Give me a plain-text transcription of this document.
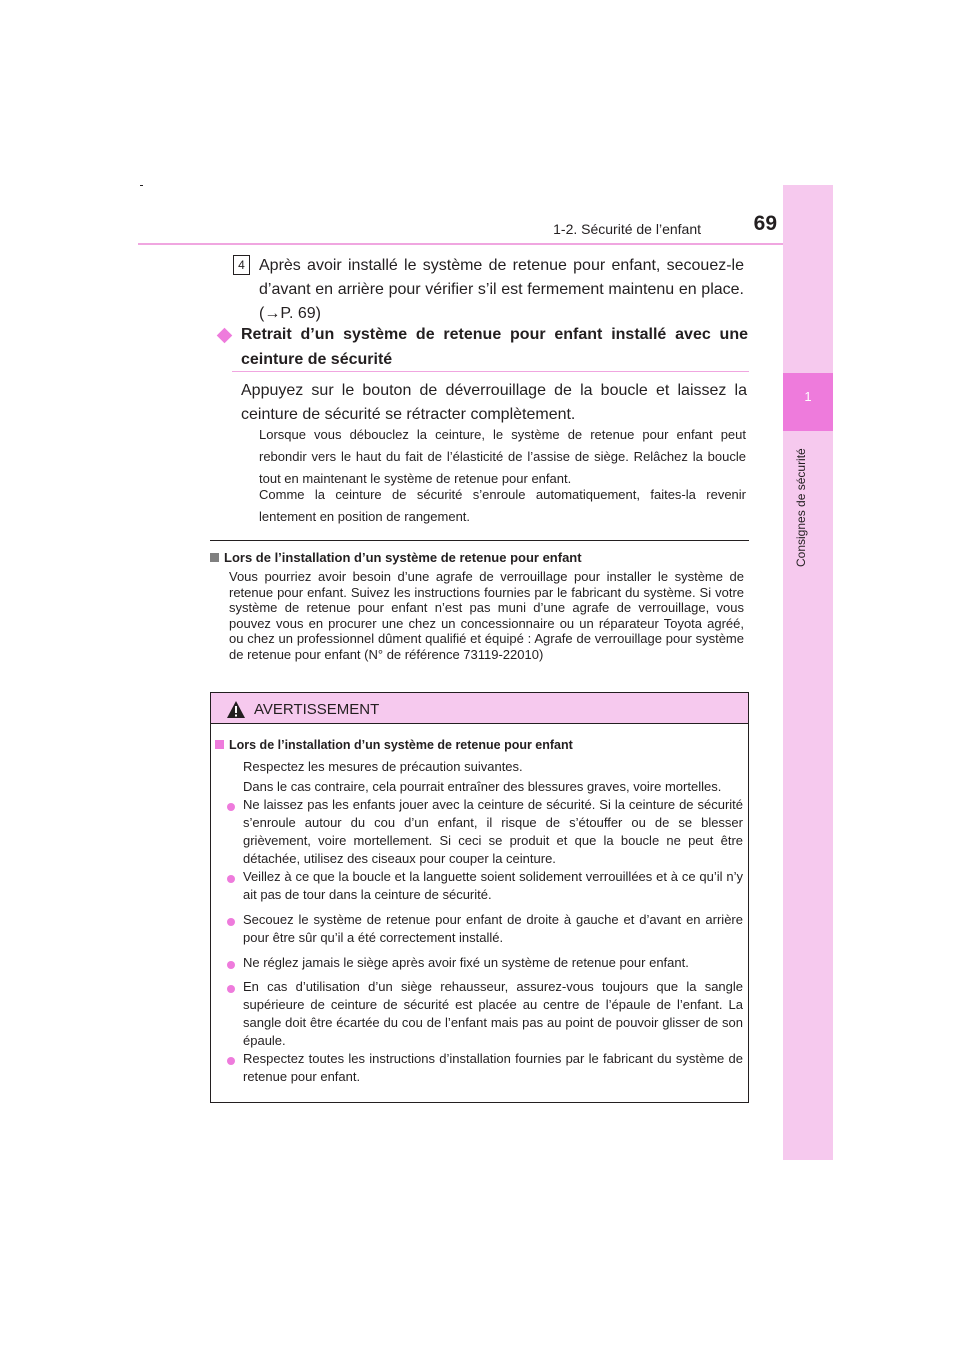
1-2. Sécurité de l’enfant	69
1
Consignes de sécurité
4 Après avoir installé le système de retenue pour enfant, secouez-le d’avant en arrière pour vérifier s’il est fermement maintenu en place. (→P. 69)
Retrait d’un système de retenue pour enfant installé avec une ceinture de sécurité
Appuyez sur le bouton de déverrouillage de la boucle et laissez la ceinture de sécurité se rétracter complètement.
Lorsque vous débouclez la ceinture, le système de retenue pour enfant peut rebondir vers le haut du fait de l’élasticité de l’assise de siège. Relâchez la boucle tout en maintenant le système de retenue pour enfant.
Comme la ceinture de sécurité s’enroule automatiquement, faites-la revenir lentement en position de rangement.
Lors de l’installation d’un système de retenue pour enfant
Vous pourriez avoir besoin d’une agrafe de verrouillage pour installer le système de retenue pour enfant. Suivez les instructions fournies par le fabricant du système. Si votre système de retenue pour enfant n’est pas muni d’une agrafe de verrouillage, vous pouvez vous en procurer une chez un concessionnaire ou un réparateur Toyota agréé, ou chez un professionnel dûment qualifié et équipé : Agrafe de verrouillage pour système de retenue pour enfant (N° de référence 73119-22010)
AVERTISSEMENT
Lors de l’installation d’un système de retenue pour enfant
Respectez les mesures de précaution suivantes.
Dans le cas contraire, cela pourrait entraîner des blessures graves, voire mortelles.
Ne laissez pas les enfants jouer avec la ceinture de sécurité. Si la ceinture de sécurité s’enroule autour du cou d’un enfant, il risque de s’étouffer ou de se blesser grièvement, voire mortellement. Si ceci se produit et que la boucle ne peut être détachée, utilisez des ciseaux pour couper la ceinture.
Veillez à ce que la boucle et la languette soient solidement verrouillées et à ce qu’il n’y ait pas de tour dans la ceinture de sécurité.
Secouez le système de retenue pour enfant de droite à gauche et d’avant en arrière pour être sûr qu’il a été correctement installé.
Ne réglez jamais le siège après avoir fixé un système de retenue pour enfant.
En cas d’utilisation d’un siège rehausseur, assurez-vous toujours que la sangle supérieure de ceinture de sécurité est placée au centre de l’épaule de l’enfant. La sangle doit être écartée du cou de l’enfant mais pas au point de pouvoir glisser de son épaule.
Respectez toutes les instructions d’installation fournies par le fabricant du système de retenue pour enfant.
